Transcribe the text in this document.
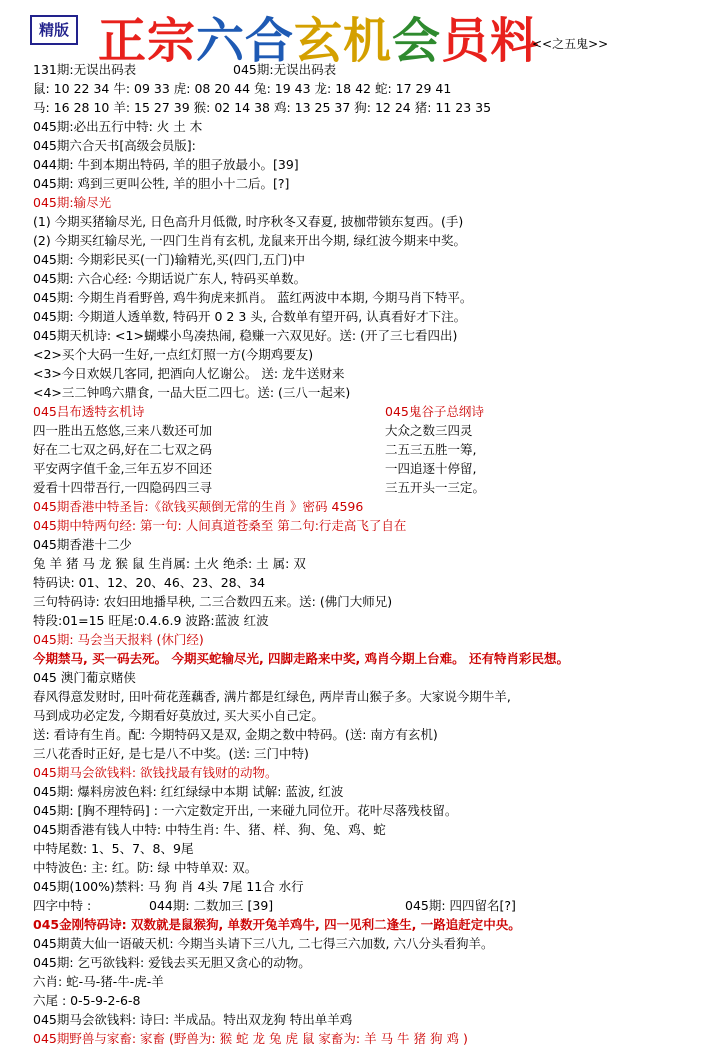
精版 正宗六合玄机会员料
<<之五鬼>>
131期:无误出码表	045期:无误出码表
鼠: 10 22 34 牛: 09 33 虎: 08 20 44 兔: 19 43 龙: 18 42 蛇: 17 29 41
马: 16 28 10 羊: 15 27 39 猴: 02 14 38 鸡: 13 25 37 狗: 12 24 猪: 11 23 35
045期:必出五行中特: 火 土 木
045期六合天书[高级会员版]:
044期: 牛到本期出特码, 羊的胆子放最小。[39]
045期: 鸡到三更叫公牲, 羊的胆小十二后。[?]
045期:输尽光
(1) 今期买猪输尽光, 日色高升月低微, 时序秋冬又春夏, 披枷带锁东复西。(手)
(2) 今期买红输尽光, 一四门生肖有玄机, 龙鼠来开出今期, 绿红波今期来中奖。
045期: 今期彩民买(一门)输精光,买(四门,五门)中
045期: 六合心经: 今期话说广东人, 特码买单数。
045期: 今期生肖看野兽, 鸡牛狗虎来抓肖。 蓝红两波中本期, 今期马肖下特平。
045期: 今期道人透单数, 特码开 0 2 3 头, 合数单有望开码, 认真看好才下注。
045期天机诗: <1>蝴蝶小鸟凑热闹, 稳赚一六双见好。送: (开了三七看四出)
<2>买个大码一生好,一点红灯照一方(今期鸡要友)
<3>今日欢娱几客同, 把酒向人忆谢公。 送: 龙牛送财来
<4>三二钟鸣六鼎食, 一品大臣二四七。送: (三八一起来)
045吕布透特玄机诗	045鬼谷子总纲诗
四一胜出五悠悠,三来八数还可加	大众之数三四灵
好在二七双之码,好在二七双之码	二五三五胜一筹,
平安两字值千金,三年五岁不回还	一四追逐十停留,
爱看十四带吾行,一四隐码四三寻	三五开头一三定。
045期香港中特圣旨:《欲钱买颠倒无常的生肖 》密码 4596
045期中特两句经: 第一句: 人间真道苍桑至 第二句:行走高飞了自在
045期香港十二少
兔 羊 猪 马 龙 猴 鼠 生肖属: 土火 绝杀: 土 属: 双
特码诀: 01、12、20、46、23、28、34
三句特码诗: 农妇田地播早秧, 二三合数四五来。送: (佛门大师兄)
特段:01=15 旺尾:0.4.6.9 波路:蓝波 红波
045期: 马会当天报料 (休门经)
今期禁马, 买一码去死。 今期买蛇输尽光, 四脚走路来中奖, 鸡肖今期上台难。 还有特肖彩民想。
045 澳门葡京赌侠
春风得意发财时, 田叶荷花莲藕香, 满片都是红绿色, 两岸青山猴子多。大家说今期牛羊,
马到成功必定发, 今期看好莫放过, 买大买小自己定。
送: 看诗有生肖。配: 今期特码又是双, 金期之数中特码。(送: 南方有玄机)
三八花香时正好, 是七是八不中奖。(送: 三门中特)
045期马会欲钱料: 欲钱找最有钱财的动物。
045期: 爆料房波色料: 红红绿绿中本期 试解: 蓝波, 红波
045期: [胸不理特码] : 一六定数定开出, 一来碰九同位开。花叶尽落残枝留。
045期香港有钱人中特: 中特生肖: 牛、猪、样、狗、兔、鸡、蛇
中特尾数: 1、5、7、8、9尾
中特波色: 主: 红。防: 绿 中特单双: 双。
045期(100%)禁料: 马 狗 肖 4头 7尾 11合 水行
四字中特 :	044期: 二数加三 [39]	045期: 四四留名[?]
045金刚特码诗: 双数就是鼠猴狗, 单数开兔羊鸡牛, 四一见利二逢生, 一路追赶定中央。
045期黄大仙一语破天机: 今期当头请下三八九, 二七得三六加数, 六八分头看狗羊。
045期: 乞丐欲钱料: 爱钱去买无胆又贪心的动物。
六肖: 蛇-马-猪-牛-虎-羊
六尾 : 0-5-9-2-6-8
045期马会欲钱料: 诗曰: 半成品。特出双龙狗 特出单羊鸡
045期野兽与家畜: 家畜 (野兽为: 猴 蛇 龙 兔 虎 鼠 家畜为: 羊 马 牛 猪 狗 鸡 )
